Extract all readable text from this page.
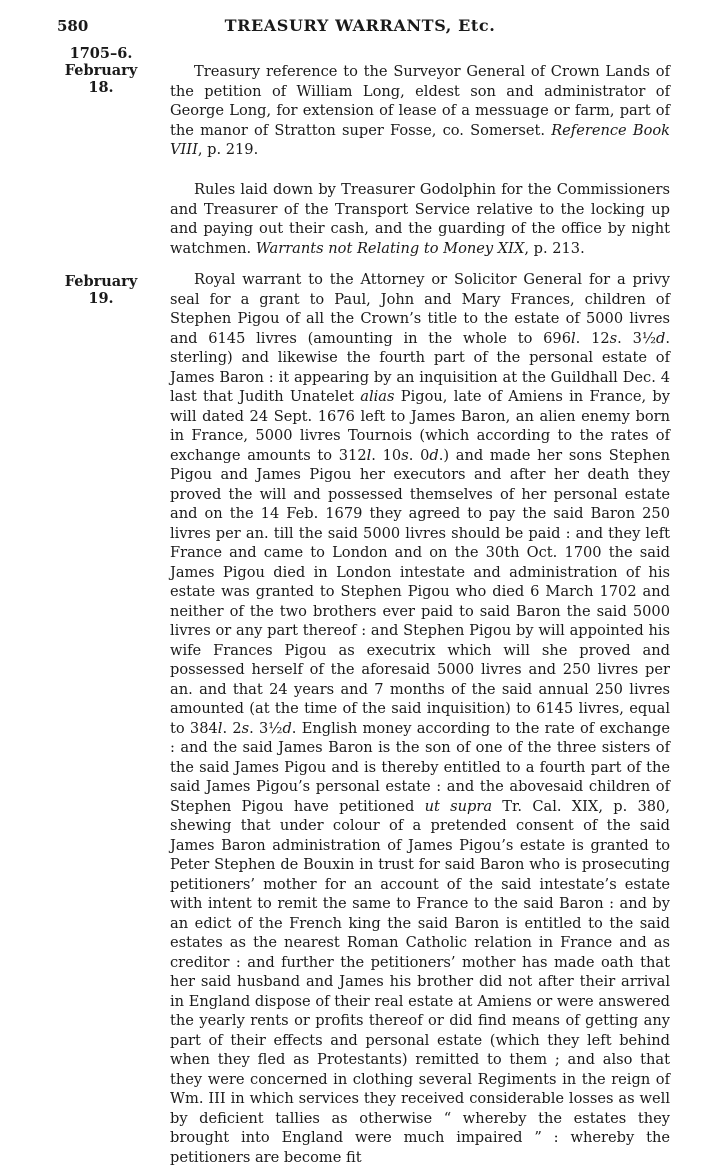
580	TREASURY WARRANTS, Etc.
1705–6.
February
18.
February
19.

Treasury reference to the Surveyor General of Crown Lands of the petition of William Long, eldest son and administrator of George Long, for extension of lease of a messuage or farm, part of the manor of Stratton super Fosse, co. Somerset. Reference Book VIII, p. 219.

Rules laid down by Treasurer Godolphin for the Commissioners and Treasurer of the Transport Service relative to the locking up and paying out their cash, and the guarding of the office by night watchmen. Warrants not Relating to Money XIX, p. 213.

Royal warrant to the Attorney or Solicitor General for a privy seal for a grant to Paul, John and Mary Frances, children of Stephen Pigou of all the Crown’s title to the estate of 5000 livres and 6145 livres (amounting in the whole to 696l. 12s. 3½d. sterling) and likewise the fourth part of the personal estate of James Baron : it appearing by an inquisition at the Guildhall Dec. 4 last that Judith Unatelet alias Pigou, late of Amiens in France, by will dated 24 Sept. 1676 left to James Baron, an alien enemy born in France, 5000 livres Tournois (which according to the rates of exchange amounts to 312l. 10s. 0d.) and made her sons Stephen Pigou and James Pigou her executors and after her death they proved the will and possessed themselves of her personal estate and on the 14 Feb. 1679 they agreed to pay the said Baron 250 livres per an. till the said 5000 livres should be paid : and they left France and came to London and on the 30th Oct. 1700 the said James Pigou died in London intestate and administration of his estate was granted to Stephen Pigou who died 6 March 1702 and neither of the two brothers ever paid to said Baron the said 5000 livres or any part thereof : and Stephen Pigou by will appointed his wife Frances Pigou as executrix which will she proved and possessed herself of the aforesaid 5000 livres and 250 livres per an. and that 24 years and 7 months of the said annual 250 livres amounted (at the time of the said inquisition) to 6145 livres, equal to 384l. 2s. 3½d. English money according to the rate of exchange : and the said James Baron is the son of one of the three sisters of the said James Pigou and is thereby entitled to a fourth part of the said James Pigou’s personal estate : and the abovesaid children of Stephen Pigou have petitioned ut supra Tr. Cal. XIX, p. 380, shewing that under colour of a pretended consent of the said James Baron administration of James Pigou’s estate is granted to Peter Stephen de Bouxin in trust for said Baron who is prosecuting petitioners’ mother for an account of the said intestate’s estate with intent to remit the same to France to the said Baron : and by an edict of the French king the said Baron is entitled to the said estates as the nearest Roman Catholic relation in France and as creditor : and further the petitioners’ mother has made oath that her said husband and James his brother did not after their arrival in England dispose of their real estate at Amiens or were answered the yearly rents or profits thereof or did find means of getting any part of their effects and personal estate (which they left behind when they fled as Protestants) remitted to them ; and also that they were concerned in clothing several Regiments in the reign of Wm. III in which services they received considerable losses as well by deficient tallies as otherwise “ whereby the estates they brought into England were much impaired ” : whereby the petitioners are become fit
